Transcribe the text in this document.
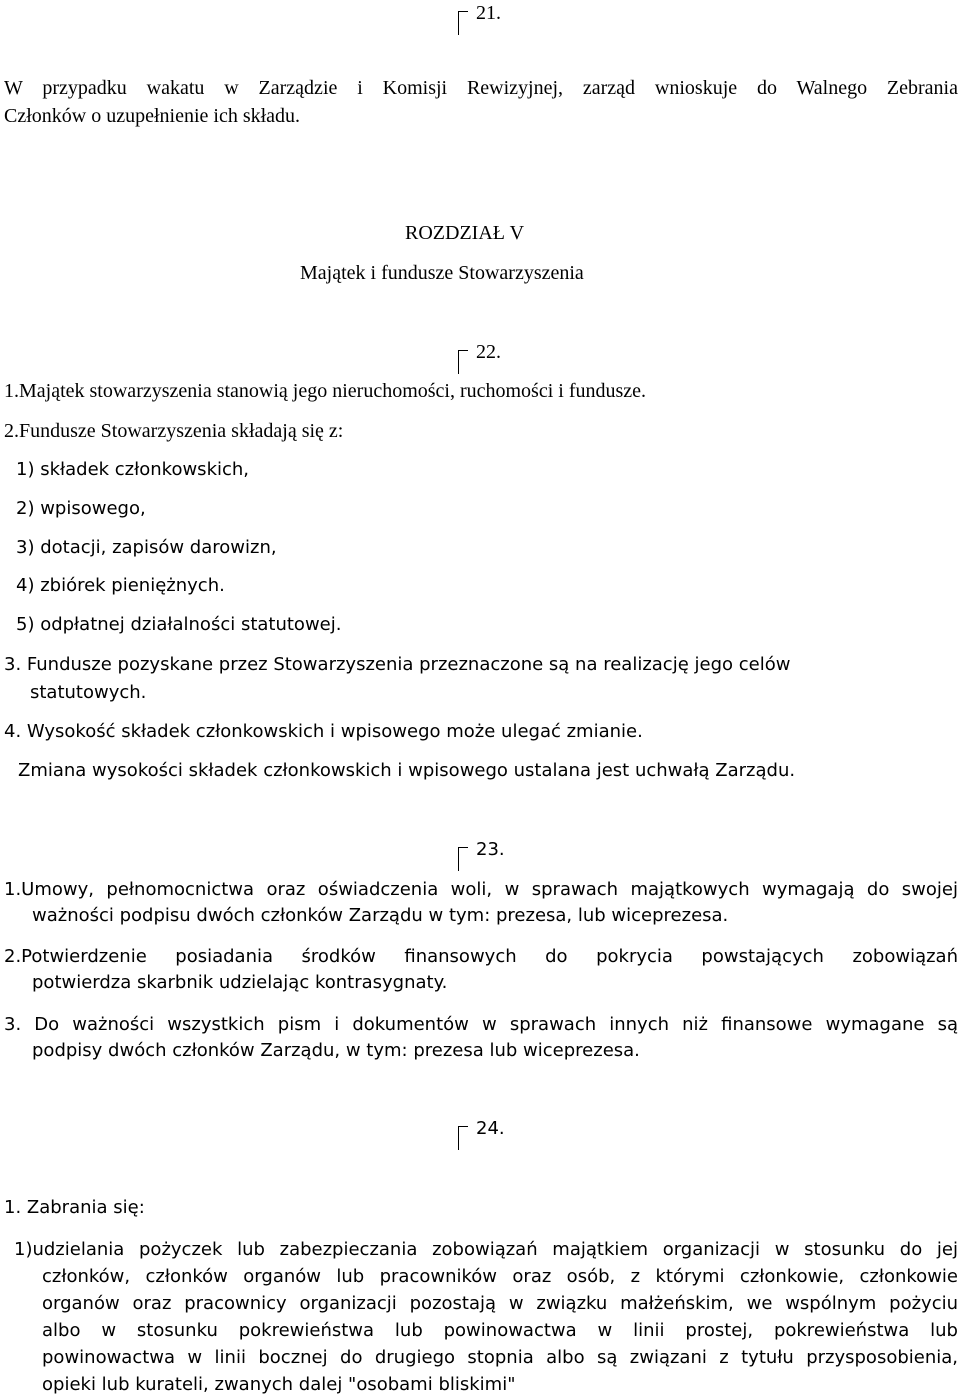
21.
W przypadku wakatu w Zarządzie i Komisji Rewizyjnej, zarząd wnioskuje do Walnego Zebrania
Członków o uzupełnienie ich składu.
ROZDZIAŁ V
Majątek i fundusze Stowarzyszenia
22.
1.Majątek stowarzyszenia stanowią jego nieruchomości, ruchomości i fundusze.
2.Fundusze Stowarzyszenia składają się z:
1) składek członkowskich,
2) wpisowego,
3) dotacji, zapisów darowizn,
4) zbiórek pieniężnych.
5) odpłatnej działalności statutowej.
3. Fundusze pozyskane przez Stowarzyszenia przeznaczone są na realizację jego celów
statutowych.
4. Wysokość składek członkowskich i wpisowego może ulegać zmianie.
Zmiana wysokości składek członkowskich i wpisowego ustalana jest uchwałą Zarządu.
23.
1.Umowy, pełnomocnictwa oraz oświadczenia woli, w sprawach majątkowych wymagają do swojej
ważności podpisu dwóch członków Zarządu w tym: prezesa, lub wiceprezesa.
2.Potwierdzenie posiadania środków finansowych do pokrycia powstających zobowiązań
potwierdza skarbnik udzielając kontrasygnaty.
3. Do ważności wszystkich pism i dokumentów w sprawach innych niż finansowe wymagane są
podpisy dwóch członków Zarządu, w tym: prezesa lub wiceprezesa.
24.
1. Zabrania się:
1)udzielania pożyczek lub zabezpieczania zobowiązań majątkiem organizacji w stosunku do jej
członków, członków organów lub pracowników oraz osób, z którymi członkowie, członkowie
organów oraz pracownicy organizacji pozostają w związku małżeńskim, we wspólnym pożyciu
albo w stosunku pokrewieństwa lub powinowactwa w linii prostej, pokrewieństwa lub
powinowactwa w linii bocznej do drugiego stopnia albo są związani z tytułu przysposobienia,
opieki lub kurateli, zwanych dalej "osobami bliskimi"
